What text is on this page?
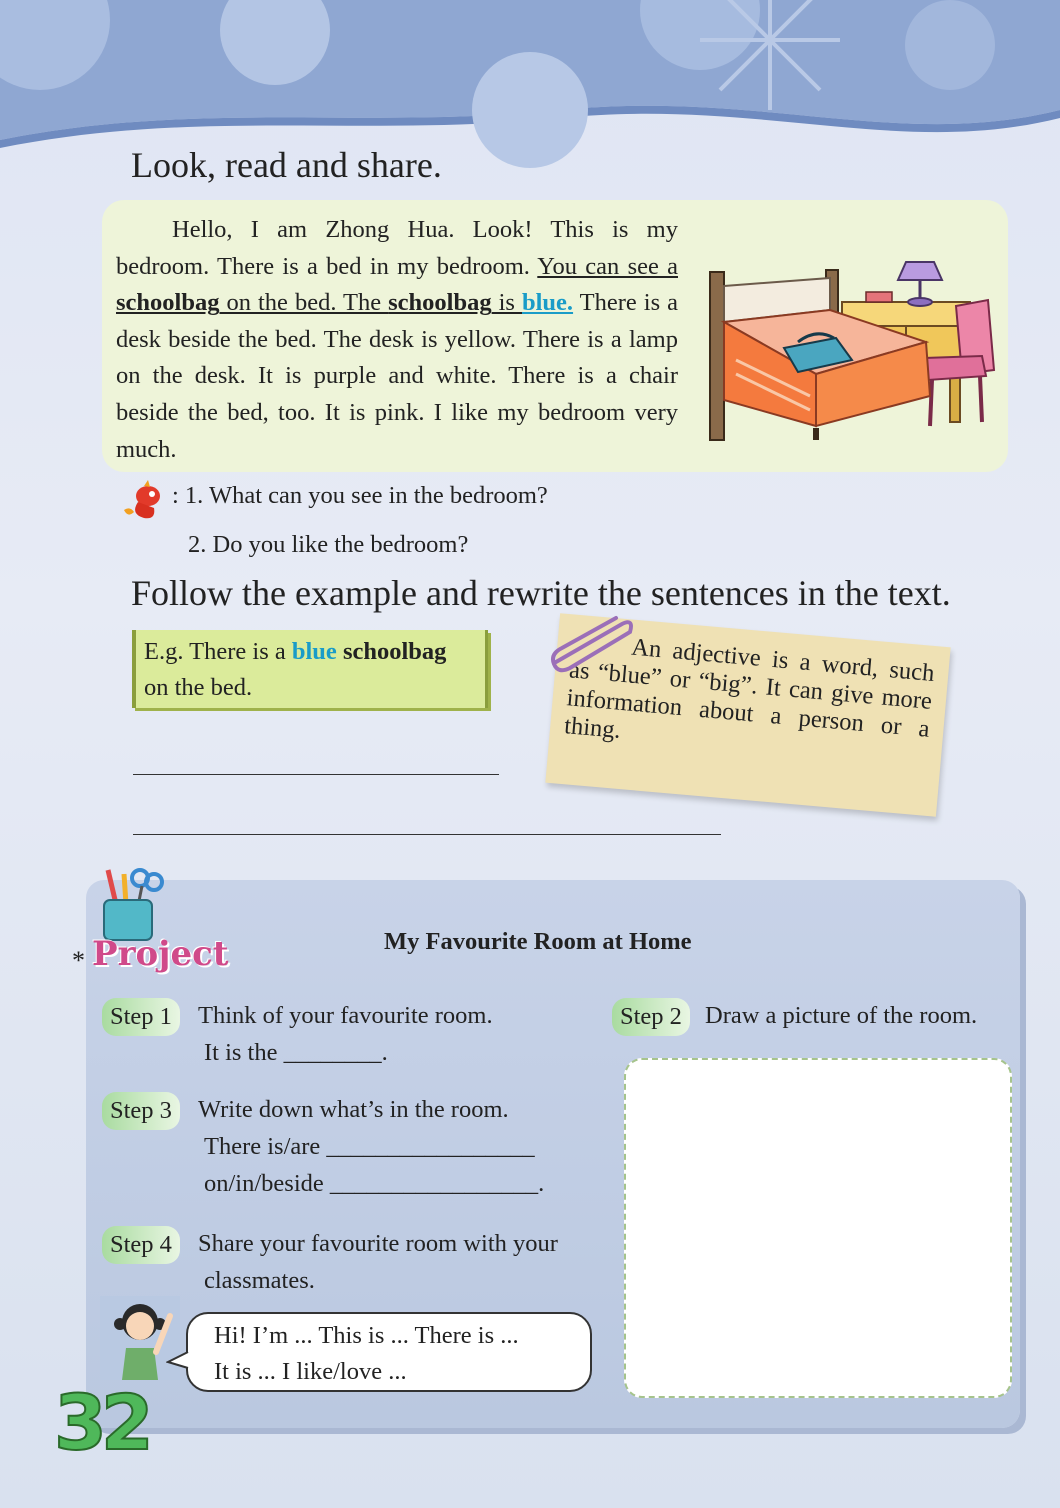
Look, read and share.

Hello, I am Zhong Hua. Look! This is my bedroom. There is a bed in my bedroom. You can see a schoolbag on the bed. The schoolbag is blue. There is a desk beside the bed. The desk is yellow. There is a lamp on the desk. It is purple and white. There is a chair beside the bed, too. It is pink. I like my bedroom very much.

: 1. What can you see in the bedroom?
2. Do you like the bedroom?
Follow the example and rewrite the sentences in the text.
E.g. There is a blue schoolbag
on the bed.
An adjective is a word, such as “blue” or “big”. It can give more information about a person or a thing.
* Project	My Favourite Room at Home
Step 1	Think of your favourite room.
It is the ________.
Step 2 Draw a picture of the room.
Step 3	Write down what’s in the room.
There is/are _________________
on/in/beside _________________.
Step 4	Share your favourite room with your
classmates.
Hi! I’m ... This is ... There is ...
It is ... I like/love ...
32
